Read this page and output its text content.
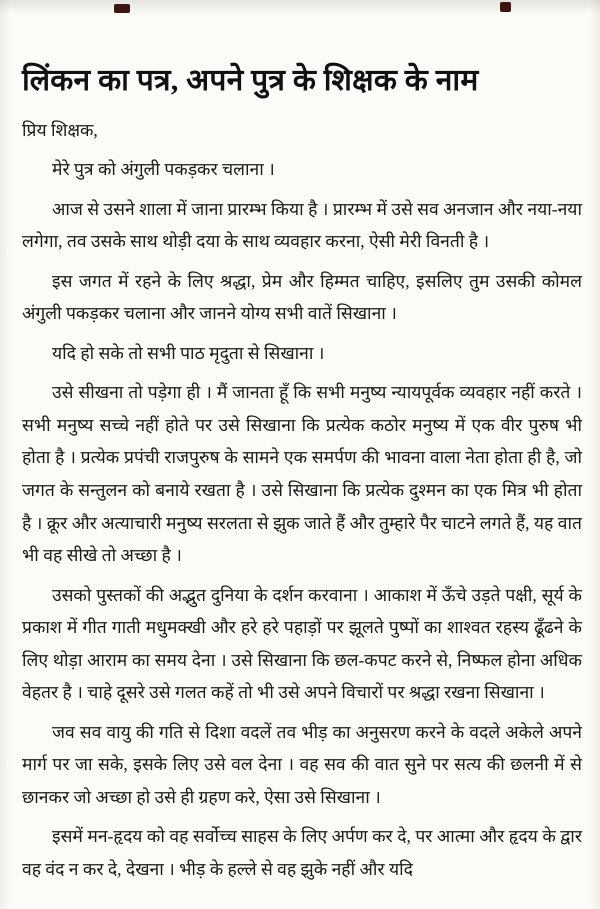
लिंकन का पत्र, अपने पुत्र के शिक्षक के नाम

प्रिय शिक्षक,

मेरे पुत्र को अंगुली पकड़कर चलाना ।

आज से उसने शाला में जाना प्रारम्भ किया है । प्रारम्भ में उसे सव अनजान और नया-नया लगेगा, तव उसके साथ थोड़ी दया के साथ व्यवहार करना, ऐसी मेरी विनती है ।

इस जगत में रहने के लिए श्रद्धा, प्रेम और हिम्मत चाहिए, इसलिए तुम उसकी कोमल अंगुली पकड़कर चलाना और जानने योग्य सभी वातें सिखाना ।

यदि हो सके तो सभी पाठ मृदुता से सिखाना ।

उसे सीखना तो पड़ेगा ही । मैं जानता हूँ कि सभी मनुष्य न्यायपूर्वक व्यवहार नहीं करते । सभी मनुष्य सच्चे नहीं होते पर उसे सिखाना कि प्रत्येक कठोर मनुष्य में एक वीर पुरुष भी होता है । प्रत्येक प्रपंची राजपुरुष के सामने एक समर्पण की भावना वाला नेता होता ही है, जो जगत के सन्तुलन को बनाये रखता है । उसे सिखाना कि प्रत्येक दुश्मन का एक मित्र भी होता है । क्रूर और अत्याचारी मनुष्य सरलता से झुक जाते हैं और तुम्हारे पैर चाटने लगते हैं, यह वात भी वह सीखे तो अच्छा है ।

उसको पुस्तकों की अद्भुत दुनिया के दर्शन करवाना । आकाश में ऊँचे उड़ते पक्षी, सूर्य के प्रकाश में गीत गाती मधुमक्खी और हरे हरे पहाड़ों पर झूलते पुष्पों का शाश्वत रहस्य ढूँढने के लिए थोड़ा आराम का समय देना । उसे सिखाना कि छल-कपट करने से, निष्फल होना अधिक वेहतर है । चाहे दूसरे उसे गलत कहें तो भी उसे अपने विचारों पर श्रद्धा रखना सिखाना ।

जव सव वायु की गति से दिशा वदलें तव भीड़ का अनुसरण करने के वदले अकेले अपने मार्ग पर जा सके, इसके लिए उसे वल देना । वह सव की वात सुने पर सत्य की छलनी में से छानकर जो अच्छा हो उसे ही ग्रहण करे, ऐसा उसे सिखाना ।

इसमें मन-हृदय को वह सर्वोच्च साहस के लिए अर्पण कर दे, पर आत्मा और हृदय के द्वार वह वंद न कर दे, देखना । भीड़ के हल्ले से वह झुके नहीं और यदि
